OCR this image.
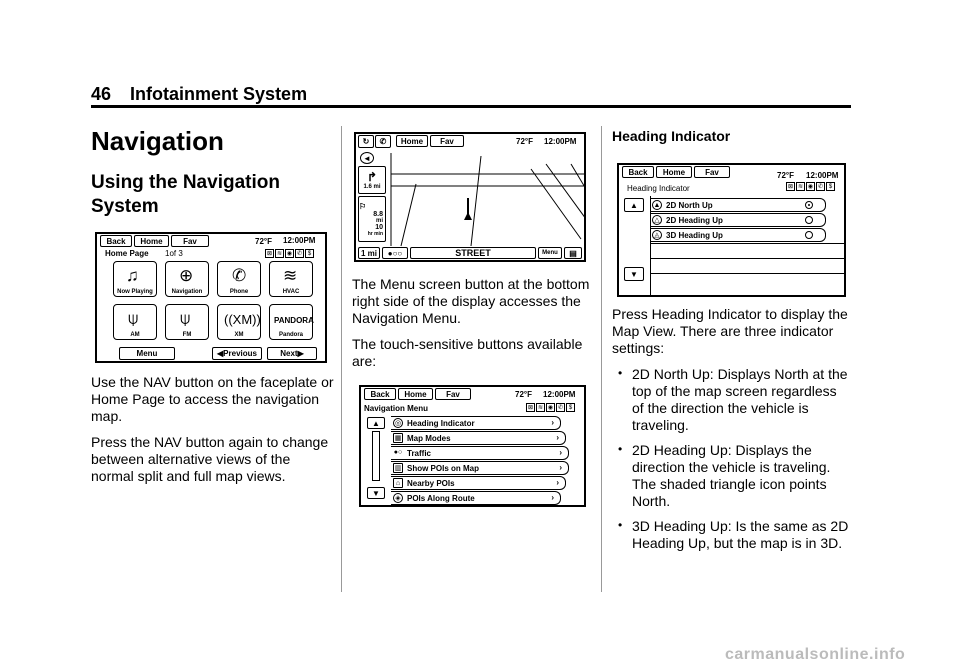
46 Infotainment System
Navigation
Using the Navigation System
Back	Home	Fav	72°F 12:00PM
Home Page 1of 3	⊠ ≋ ◉ ✆ $
♫
Now Playing
⊕
Navigation
✆
Phone
≋
HVAC
⍦
AM
⍦
FM
((XM))
XM
PANDORA
Pandora
Menu	◀ Previous	Next ▶

Use the NAV button on the faceplate or Home Page to access the navigation map.

Press the NAV button again to change between alternative views of the normal split and full map views.

↻	✆	Home	Fav	72°F 12:00PM
◄
↱
1.6 mi
⚐
8.8
mi
10
hr min
1 mi	●○○	STREET	Menu	▤

The Menu screen button at the bottom right side of the display accesses the Navigation Menu.

The touch-sensitive buttons available are:

Back	Home	Fav	72°F 12:00PM
Navigation Menu	⊠ ≋ ◉ ✆ $
▲
▼
◎ Heading Indicator	›
▦ Map Modes	›
●○ Traffic	›
▥ Show POIs on Map	›
⌂ Nearby POIs	›
◈ POIs Along Route	›
Heading Indicator
Back	Home	Fav	72°F 12:00PM
Heading Indicator	⊠ ≋ ◉ ✆ $
▲
▼
▲ 2D North Up
△ 2D Heading Up
◬ 3D Heading Up

Press Heading Indicator to display the Map View. There are three indicator settings:

• 2D North Up: Displays North at the top of the map screen regardless of the direction the vehicle is traveling.
• 2D Heading Up: Displays the direction the vehicle is traveling. The shaded triangle icon points North.
• 3D Heading Up: Is the same as 2D Heading Up, but the map is in 3D.
carmanualsonline.info
